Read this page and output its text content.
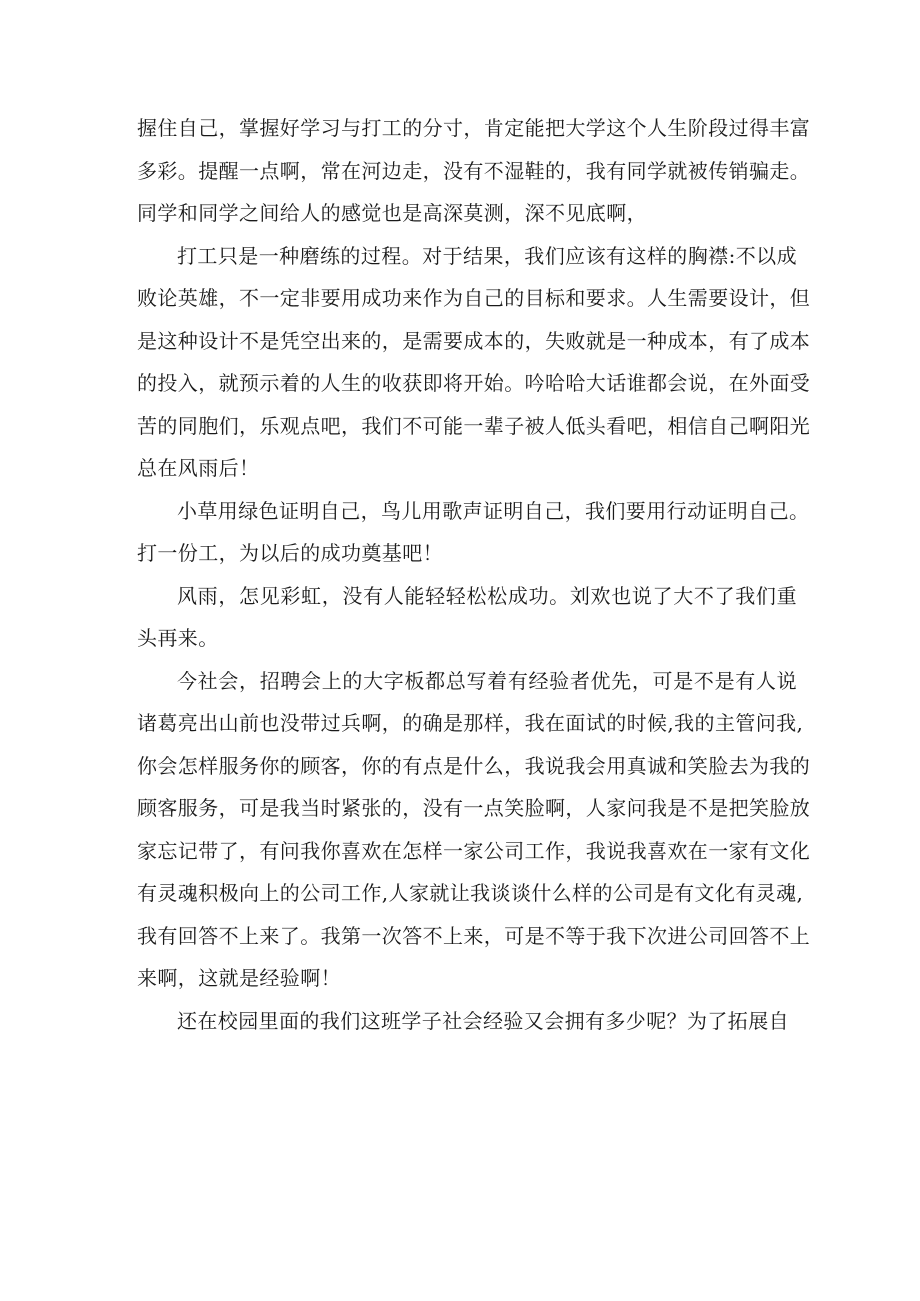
握住自己，掌握好学习与打工的分寸，肯定能把大学这个人生阶段过得丰富
多彩。提醒一点啊，常在河边走，没有不湿鞋的，我有同学就被传销骗走。
同学和同学之间给人的感觉也是高深莫测，深不见底啊，
打工只是一种磨练的过程。对于结果，我们应该有这样的胸襟:不以成
败论英雄，不一定非要用成功来作为自己的目标和要求。人生需要设计，但
是这种设计不是凭空出来的，是需要成本的，失败就是一种成本，有了成本
的投入，就预示着的人生的收获即将开始。吟哈哈大话谁都会说，在外面受
苦的同胞们，乐观点吧，我们不可能一辈子被人低头看吧，相信自己啊阳光
总在风雨后！
小草用绿色证明自己，鸟儿用歌声证明自己，我们要用行动证明自己。
打一份工，为以后的成功奠基吧！
风雨，怎见彩虹，没有人能轻轻松松成功。刘欢也说了大不了我们重
头再来。
今社会，招聘会上的大字板都总写着有经验者优先，可是不是有人说
诸葛亮出山前也没带过兵啊，的确是那样，我在面试的时候,我的主管问我,
你会怎样服务你的顾客，你的有点是什么，我说我会用真诚和笑脸去为我的
顾客服务，可是我当时紧张的，没有一点笑脸啊，人家问我是不是把笑脸放
家忘记带了，有问我你喜欢在怎样一家公司工作，我说我喜欢在一家有文化
有灵魂积极向上的公司工作,人家就让我谈谈什么样的公司是有文化有灵魂,
我有回答不上来了。我第一次答不上来，可是不等于我下次进公司回答不上
来啊，这就是经验啊！
还在校园里面的我们这班学子社会经验又会拥有多少呢？为了拓展自
